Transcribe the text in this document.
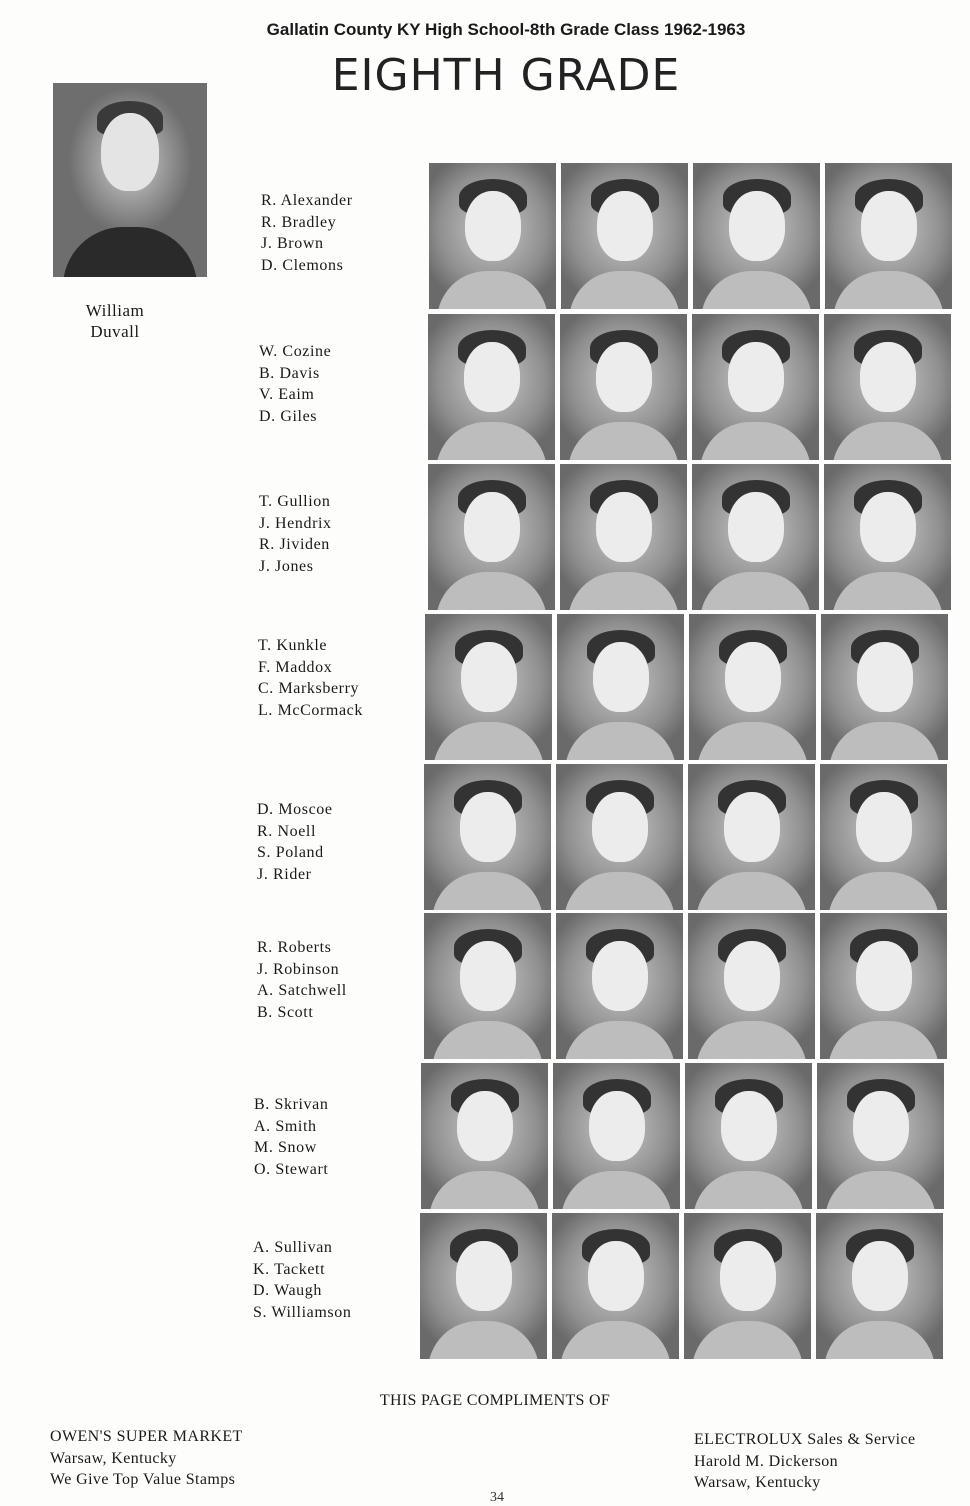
Gallatin County KY High School-8th Grade Class 1962-1963
EIGHTH GRADE
William
Duvall
R. Alexander
R. Bradley
J. Brown
D. Clemons
W. Cozine
B. Davis
V. Eaim
D. Giles
T. Gullion
J. Hendrix
R. Jividen
J. Jones
T. Kunkle
F. Maddox
C. Marksberry
L. McCormack
D. Moscoe
R. Noell
S. Poland
J. Rider
R. Roberts
J. Robinson
A. Satchwell
B. Scott
B. Skrivan
A. Smith
M. Snow
O. Stewart
A. Sullivan
K. Tackett
D. Waugh
S. Williamson
THIS PAGE COMPLIMENTS OF
OWEN'S SUPER MARKET
Warsaw, Kentucky
We Give Top Value Stamps
ELECTROLUX Sales & Service
Harold M. Dickerson
Warsaw, Kentucky
34
